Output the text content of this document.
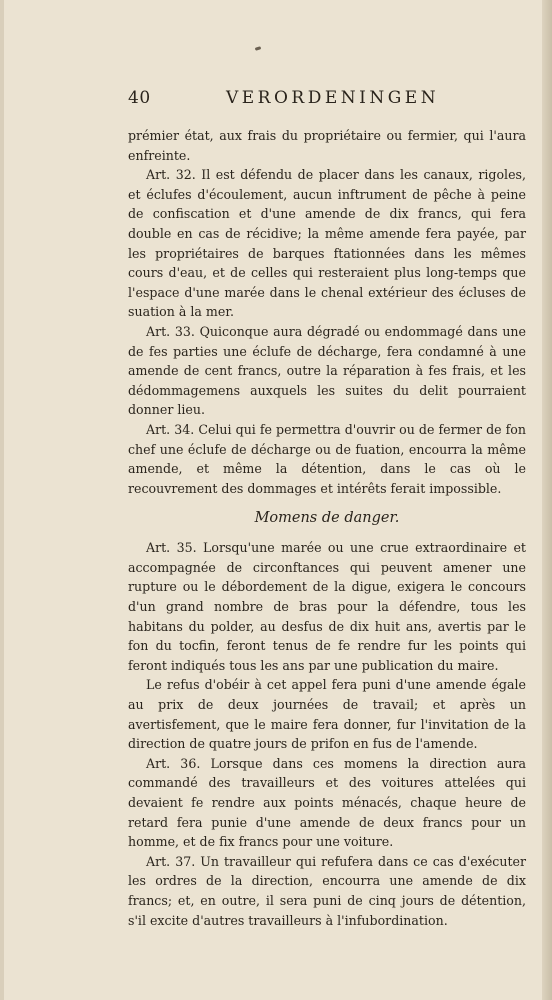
40	VERORDENINGEN

prémier état, aux frais du propriétaire ou fermier, qui l'aura enfreinte.

Art. 32. Il est défendu de placer dans les canaux, rigoles, et éclufes d'écoulement, aucun inftrument de pêche à peine de confiscation et d'une amende de dix francs, qui fera double en cas de récidive; la même amende fera payée, par les propriétaires de barques ftationnées dans les mêmes cours d'eau, et de celles qui resteraient plus long-temps que l'espace d'une marée dans le chenal extérieur des écluses de suation à la mer.

Art. 33. Quiconque aura dégradé ou endommagé dans une de fes parties une éclufe de décharge, fera condamné à une amende de cent francs, outre la réparation à fes frais, et les dédommagemens auxquels les suites du delit pourraient donner lieu.

Art. 34. Celui qui fe permettra d'ouvrir ou de fermer de fon chef une éclufe de décharge ou de fuation, encourra la même amende, et même la détention, dans le cas où le recouvrement des dommages et intérêts ferait impossible.

Momens de danger.

Art. 35. Lorsqu'une marée ou une crue extraordinaire et accompagnée de circonftances qui peuvent amener une rupture ou le débordement de la digue, exigera le concours d'un grand nombre de bras pour la défendre, tous les habitans du polder, au desfus de dix huit ans, avertis par le fon du tocfin, feront tenus de fe rendre fur les points qui feront indiqués tous les ans par une publication du maire.

Le refus d'obéir à cet appel fera puni d'une amende égale au prix de deux journées de travail; et après un avertisfement, que le maire fera donner, fur l'invitation de la direction de quatre jours de prifon en fus de l'amende.

Art. 36. Lorsque dans ces momens la direction aura commandé des travailleurs et des voitures attelées qui devaient fe rendre aux points ménacés, chaque heure de retard fera punie d'une amende de deux francs pour un homme, et de fix francs pour une voiture.

Art. 37. Un travailleur qui refufera dans ce cas d'exécuter les ordres de la direction, encourra une amende de dix francs; et, en outre, il sera puni de cinq jours de détention, s'il excite d'autres travailleurs à l'infubordination.
